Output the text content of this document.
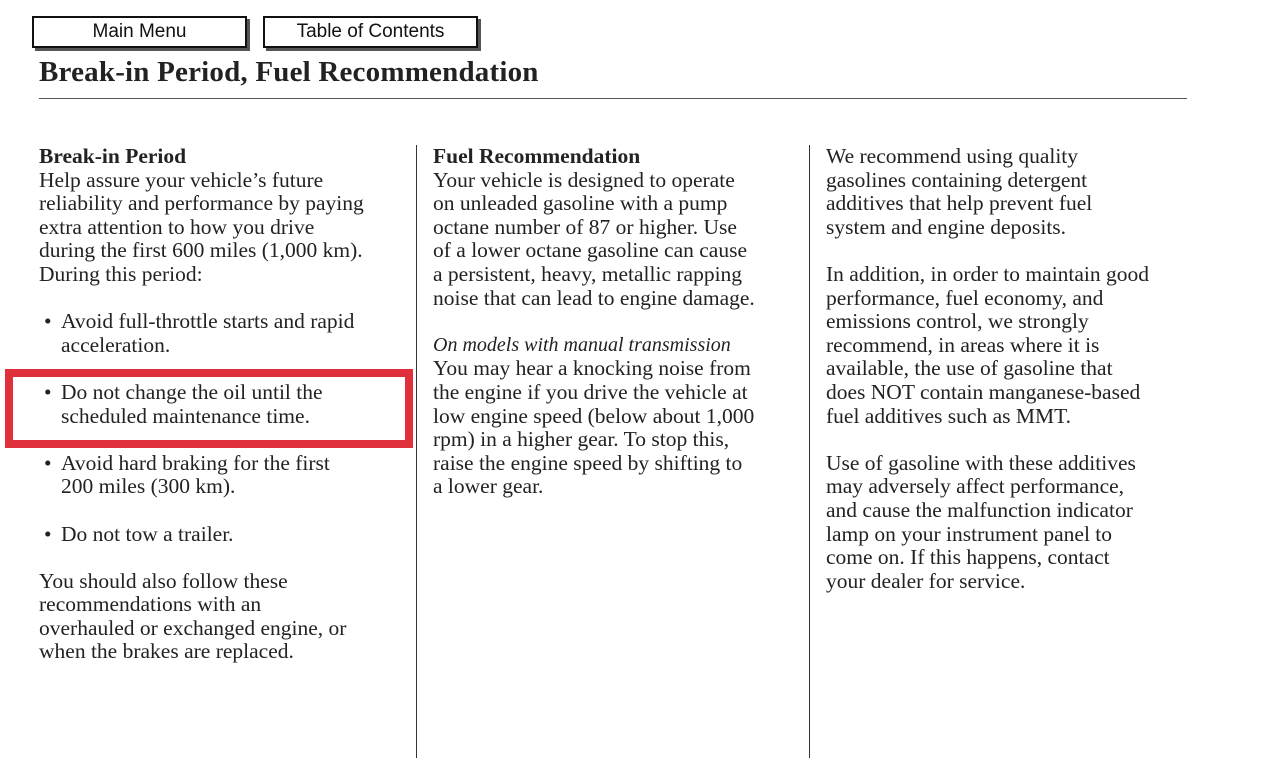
Main Menu	Table of Contents
Break-in Period, Fuel Recommendation

Break-in Period

Help assure your vehicle’s future

reliability and performance by paying

extra attention to how you drive

during the first 600 miles (1,000 km).

During this period:

• Avoid full-throttle starts and rapid

acceleration.

• Do not change the oil until the

scheduled maintenance time.

• Avoid hard braking for the first

200 miles (300 km).

• Do not tow a trailer.

You should also follow these

recommendations with an

overhauled or exchanged engine, or

when the brakes are replaced.

Fuel Recommendation

Your vehicle is designed to operate

on unleaded gasoline with a pump

octane number of 87 or higher. Use

of a lower octane gasoline can cause

a persistent, heavy, metallic rapping

noise that can lead to engine damage.

On models with manual transmission

You may hear a knocking noise from

the engine if you drive the vehicle at

low engine speed (below about 1,000

rpm) in a higher gear. To stop this,

raise the engine speed by shifting to

a lower gear.

We recommend using quality

gasolines containing detergent

additives that help prevent fuel

system and engine deposits.

In addition, in order to maintain good

performance, fuel economy, and

emissions control, we strongly

recommend, in areas where it is

available, the use of gasoline that

does NOT contain manganese-based

fuel additives such as MMT.

Use of gasoline with these additives

may adversely affect performance,

and cause the malfunction indicator

lamp on your instrument panel to

come on. If this happens, contact

your dealer for service.
